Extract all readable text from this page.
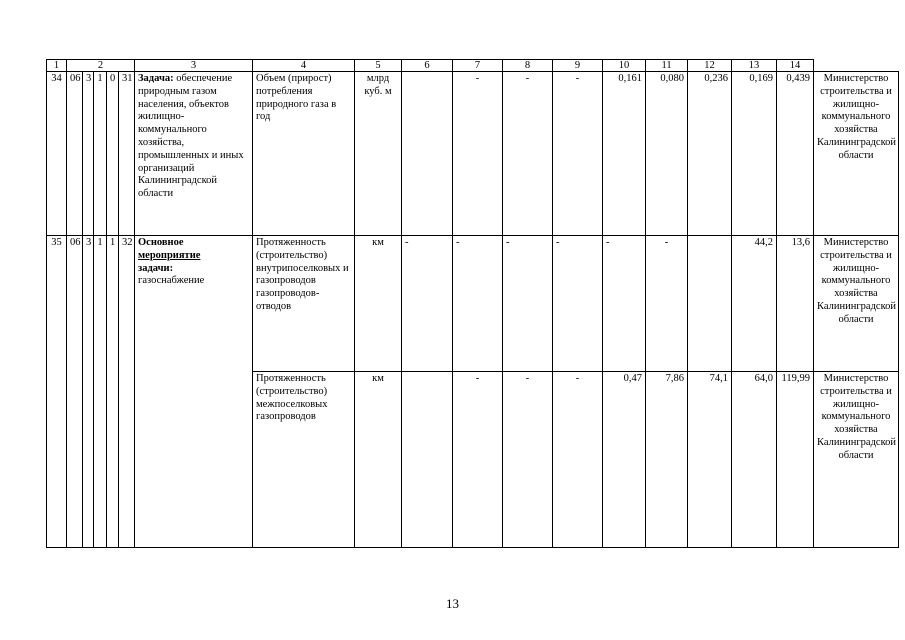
1	2					3	4	5	6	7	8	9	10	11	12	13	14	
34	06	3	1	0	31	Задача: обеспечение природным газом населения, объектов жилищно-коммунального хозяйства, промышленных и иных организаций Калининградской области	Объем (прирост) потребления природного газа в год	млрд куб. м		-	-	-	0,161	0,080	0,236	0,169	0,439	Министерство строительства и жилищно-коммунального хозяйства Калининградской области
35	06	3	1	1	32	Основное
мероприятие
задачи:
газоснабжение	Протяженность (строительство) внутрипоселковых и газопроводов газопроводов-отводов	км	-	-	-	-	-	-		44,2	13,6	Министерство строительства и жилищно-коммунального хозяйства Калининградской области
							Протяженность (строительство) межпоселковых газопроводов	км		-	-	-	0,47	7,86	74,1	64,0	119,99	Министерство строительства и жилищно-коммунального хозяйства Калининградской области
13
